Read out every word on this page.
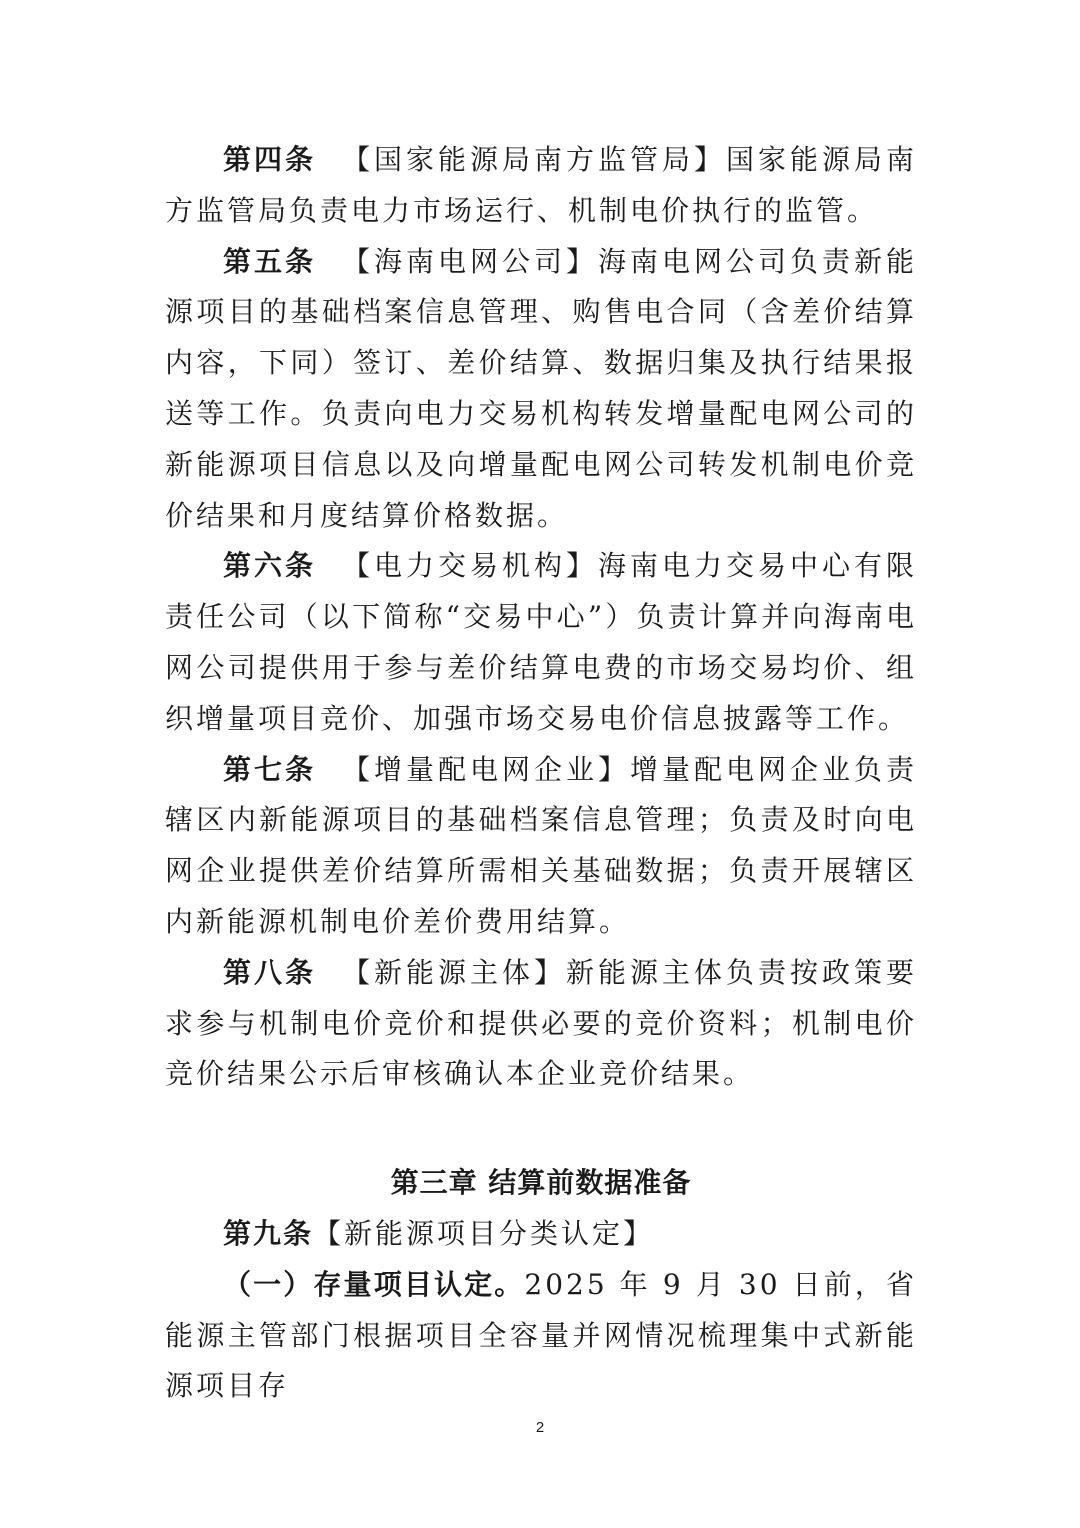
第四条 【国家能源局南方监管局】国家能源局南方监管局负责电力市场运行、机制电价执行的监管。

第五条 【海南电网公司】海南电网公司负责新能源项目的基础档案信息管理、购售电合同（含差价结算内容，下同）签订、差价结算、数据归集及执行结果报送等工作。负责向电力交易机构转发增量配电网公司的新能源项目信息以及向增量配电网公司转发机制电价竞价结果和月度结算价格数据。

第六条 【电力交易机构】海南电力交易中心有限责任公司（以下简称“交易中心”）负责计算并向海南电网公司提供用于参与差价结算电费的市场交易均价、组织增量项目竞价、加强市场交易电价信息披露等工作。

第七条 【增量配电网企业】增量配电网企业负责辖区内新能源项目的基础档案信息管理；负责及时向电网企业提供差价结算所需相关基础数据；负责开展辖区内新能源机制电价差价费用结算。

第八条 【新能源主体】新能源主体负责按政策要求参与机制电价竞价和提供必要的竞价资料；机制电价竞价结果公示后审核确认本企业竞价结果。

第三章 结算前数据准备

第九条【新能源项目分类认定】

（一）存量项目认定。2025 年 9 月 30 日前，省能源主管部门根据项目全容量并网情况梳理集中式新能源项目存

2
